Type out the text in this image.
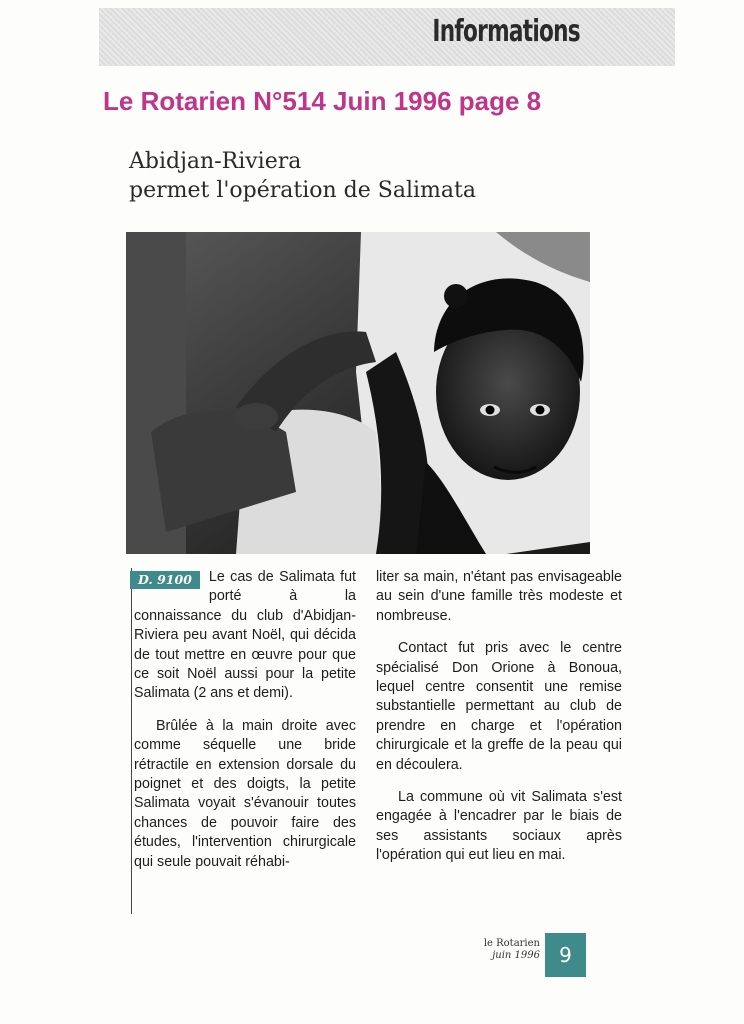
Informations
Le Rotarien N°514 Juin 1996 page 8
Abidjan-Riviera
permet l'opération de Salimata

D. 9100	Le cas de Salimata fut porté à la connaissance du club d'Abidjan-Riviera peu avant Noël, qui décida de tout mettre en œuvre pour que ce soit Noël aussi pour la petite Salimata (2 ans et demi).

Brûlée à la main droite avec comme séquelle une bride rétractile en extension dorsale du poignet et des doigts, la petite Salimata voyait s'évanouir toutes chances de pouvoir faire des études, l'intervention chirurgicale qui seule pouvait réhabi-

liter sa main, n'étant pas envisageable au sein d'une famille très modeste et nombreuse.

Contact fut pris avec le centre spécialisé Don Orione à Bonoua, lequel centre consentit une remise substantielle permettant au club de prendre en charge et l'opération chirurgicale et la greffe de la peau qui en découlera.

La commune où vit Salimata s'est engagée à l'encadrer par le biais de ses assistants sociaux après l'opération qui eut lieu en mai.

le Rotarien
juin 1996 9
